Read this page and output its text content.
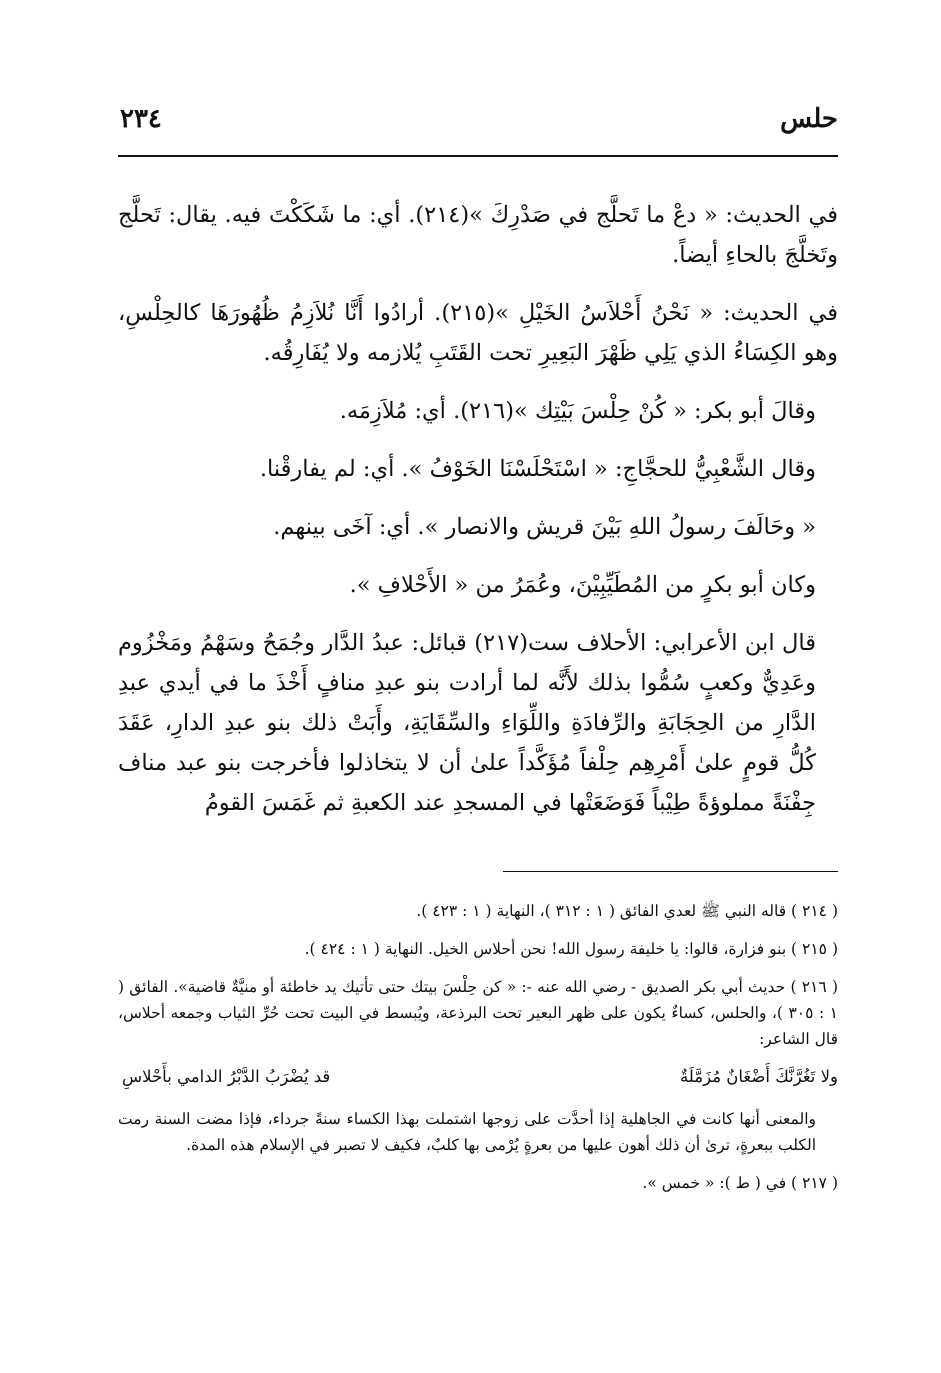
حلس
٢٣٤

في الحديث: « دعْ ما تَحلَّج في صَدْرِكَ »(٢١٤). أي: ما شَكَكْتَ فيه. يقال: تَحلَّج وتَخلَّجَ بالحاءِ أيضاً.

في الحديث: « نَحْنُ أَحْلاَسُ الخَيْلِ »(٢١٥). أرادُوا أَنَّا نُلاَزِمُ ظُهُورَهَا كالحِلْسِ، وهو الكِسَاءُ الذي يَلِي ظَهْرَ البَعِيرِ تحت القَتَبِ يُلازمه ولا يُفَارِقُه.

وقالَ أبو بكر: « كُنْ حِلْسَ بَيْتِك »(٢١٦). أي: مُلاَزِمَه.

وقال الشَّعْبِيُّ للحجَّاجِ: « اسْتَحْلَسْنَا الخَوْفُ ». أي: لم يفارقْنا.

« وحَالَفَ رسولُ اللهِ بَيْنَ قريش والانصار ». أي: آخَى بينهم.

وكان أبو بكرٍ من المُطَيِّبِيْنَ، وعُمَرُ من « الأَحْلافِ ».

قال ابن الأعرابي: الأحلاف ست(٢١٧) قبائل: عبدُ الدَّار وجُمَحُ وسَهْمُ ومَخْزُوم وعَدِيٌّ وكعبٍ سُمُّوا بذلك لأَنَّه لما أرادت بنو عبدِ منافٍ أَخْذَ ما في أيدي عبدِ الدَّارِ من الحِجَابَةِ والرِّفادَةِ واللِّوَاءِ والسِّقَايَةِ، وأَبَتْ ذلك بنو عبدِ الدارِ، عَقَدَ كُلُّ قومٍ علىٰ أَمْرِهِم حِلْفاً مُؤَكَّداً علىٰ أن لا يتخاذلوا فأخرجت بنو عبد مناف جِفْنَةً مملوؤةً طِيْباً فَوَضَعَتْها في المسجدِ عند الكعبةِ ثم غَمَسَ القومُ

( ٢١٤ ) قاله النبي ﷺ لعدي الفائق ( ١ : ٣١٢ )، النهاية ( ١ : ٤٢٣ ).

( ٢١٥ ) بنو فزارة، قالوا: يا خليفة رسول الله! نحن أحلاس الخيل. النهاية ( ١ : ٤٢٤ ).

( ٢١٦ ) حديث أبي بكر الصديق - رضي الله عنه -: « كن حِلْسَ بيتك حتى تأتيك يد خاطئة أو منيَّةٌ قاضية». الفائق ( ١ : ٣٠٥ )، والحلس، كساءٌ يكون على ظهر البعير تحت البرذعة، ويُبسط في البيت تحت حُرِّ الثياب وجمعه أحلاس، قال الشاعر:

ولا تَغُرَّنَّكَ أَضْغَانٌ مُزَمَّلَةٌ
قد يُضْرَبُ الدَّبْرُ الدامي بأَحْلاسِ

والمعنى أنها كانت في الجاهلية إذا أحدَّت على زوجها اشتملت بهذا الكساء سنةً جرداء، فإذا مضت السنة رمت الكلب ببعرةٍ، ترىٰ أن ذلك أهون عليها من بعرةٍ يُرْمى بها كلبٌ، فكيف لا تصبر في الإسلام هذه المدة.

( ٢١٧ ) في ( ط ): « خمس ».
